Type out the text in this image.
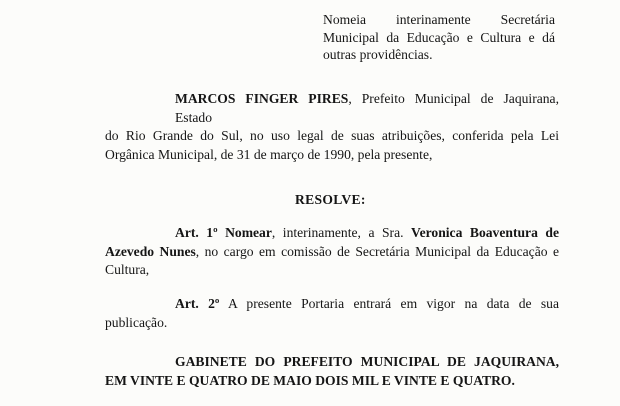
Nomeia interinamente Secretária
Municipal da Educação e Cultura e dá
outras providências.
MARCOS FINGER PIRES, Prefeito Municipal de Jaquirana, Estado
do Rio Grande do Sul, no uso legal de suas atribuições, conferida pela Lei
Orgânica Municipal, de 31 de março de 1990, pela presente,
RESOLVE:
Art. 1º Nomear, interinamente, a Sra. Veronica Boaventura de
Azevedo Nunes, no cargo em comissão de Secretária Municipal da Educação e
Cultura,
Art. 2º A presente Portaria entrará em vigor na data de sua
publicação.
GABINETE DO PREFEITO MUNICIPAL DE JAQUIRANA,
EM VINTE E QUATRO DE MAIO DOIS MIL E VINTE E QUATRO.
